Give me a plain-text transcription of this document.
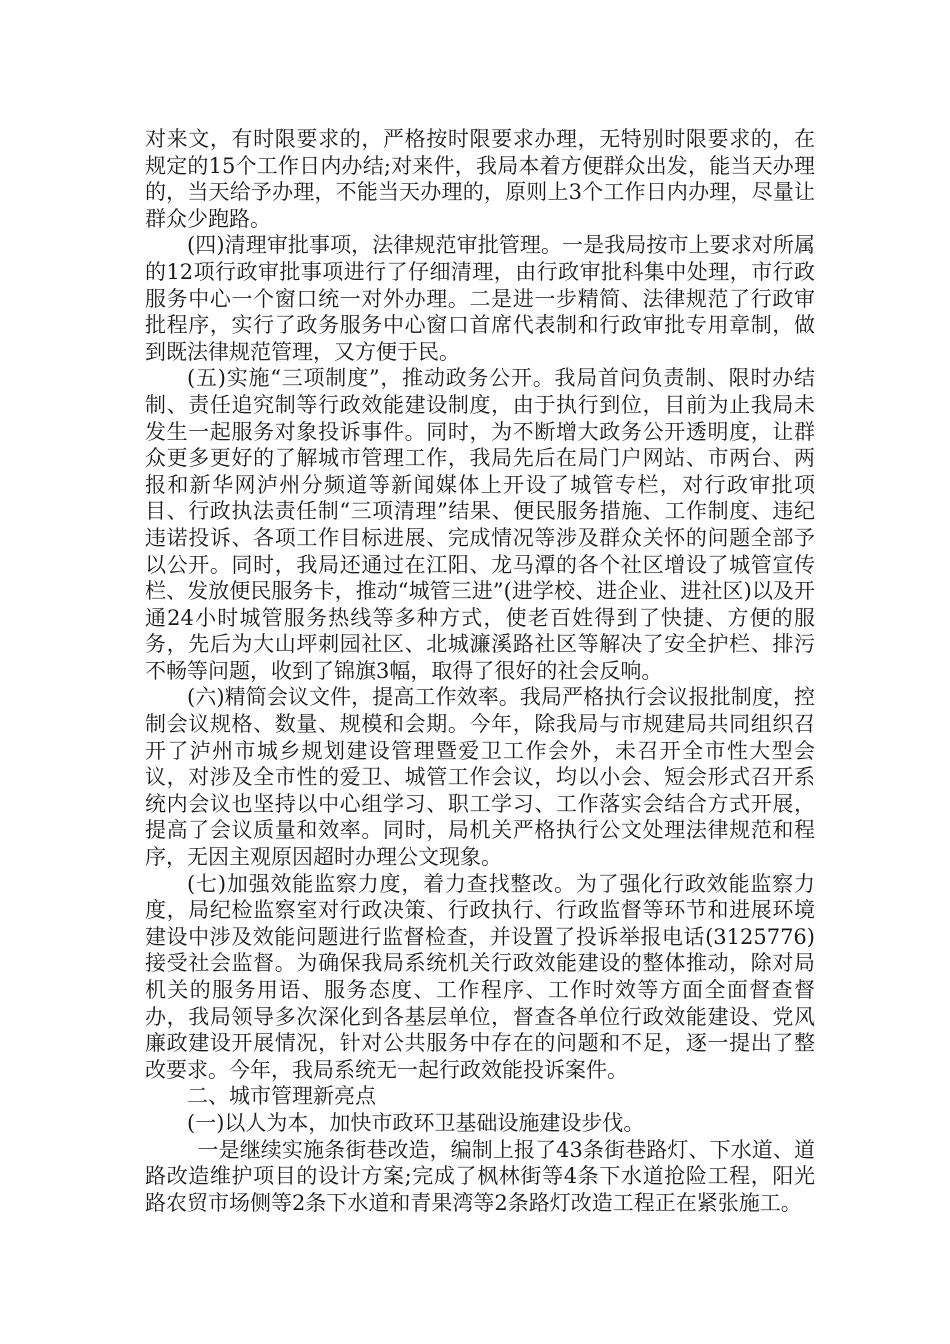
对来文，有时限要求的，严格按时限要求办理，无特别时限要求的，在规定的15个工作日内办结;对来件，我局本着方便群众出发，能当天办理的，当天给予办理，不能当天办理的，原则上3个工作日内办理，尽量让群众少跑路。

(四)清理审批事项，法律规范审批管理。一是我局按市上要求对所属的12项行政审批事项进行了仔细清理，由行政审批科集中处理，市行政服务中心一个窗口统一对外办理。二是进一步精简、法律规范了行政审批程序，实行了政务服务中心窗口首席代表制和行政审批专用章制，做到既法律规范管理，又方便于民。

(五)实施“三项制度”，推动政务公开。我局首问负责制、限时办结制、责任追究制等行政效能建设制度，由于执行到位，目前为止我局未发生一起服务对象投诉事件。同时，为不断增大政务公开透明度，让群众更多更好的了解城市管理工作，我局先后在局门户网站、市两台、两报和新华网泸州分频道等新闻媒体上开设了城管专栏，对行政审批项目、行政执法责任制“三项清理”结果、便民服务措施、工作制度、违纪违诺投诉、各项工作目标进展、完成情况等涉及群众关怀的问题全部予以公开。同时，我局还通过在江阳、龙马潭的各个社区增设了城管宣传栏、发放便民服务卡，推动“城管三进”(进学校、进企业、进社区)以及开通24小时城管服务热线等多种方式，使老百姓得到了快捷、方便的服务，先后为大山坪刺园社区、北城濂溪路社区等解决了安全护栏、排污不畅等问题，收到了锦旗3幅，取得了很好的社会反响。

(六)精简会议文件，提高工作效率。我局严格执行会议报批制度，控制会议规格、数量、规模和会期。今年，除我局与市规建局共同组织召开了泸州市城乡规划建设管理暨爱卫工作会外，未召开全市性大型会议，对涉及全市性的爱卫、城管工作会议，均以小会、短会形式召开系统内会议也坚持以中心组学习、职工学习、工作落实会结合方式开展，提高了会议质量和效率。同时，局机关严格执行公文处理法律规范和程序，无因主观原因超时办理公文现象。

(七)加强效能监察力度，着力查找整改。为了强化行政效能监察力度，局纪检监察室对行政决策、行政执行、行政监督等环节和进展环境建设中涉及效能问题进行监督检查，并设置了投诉举报电话(3125776)接受社会监督。为确保我局系统机关行政效能建设的整体推动，除对局机关的服务用语、服务态度、工作程序、工作时效等方面全面督查督办，我局领导多次深化到各基层单位，督查各单位行政效能建设、党风廉政建设开展情况，针对公共服务中存在的问题和不足，逐一提出了整改要求。今年，我局系统无一起行政效能投诉案件。

二、城市管理新亮点

(一)以人为本，加快市政环卫基础设施建设步伐。

一是继续实施条街巷改造，编制上报了43条街巷路灯、下水道、道路改造维护项目的设计方案;完成了枫林街等4条下水道抢险工程，阳光路农贸市场侧等2条下水道和青果湾等2条路灯改造工程正在紧张施工。
